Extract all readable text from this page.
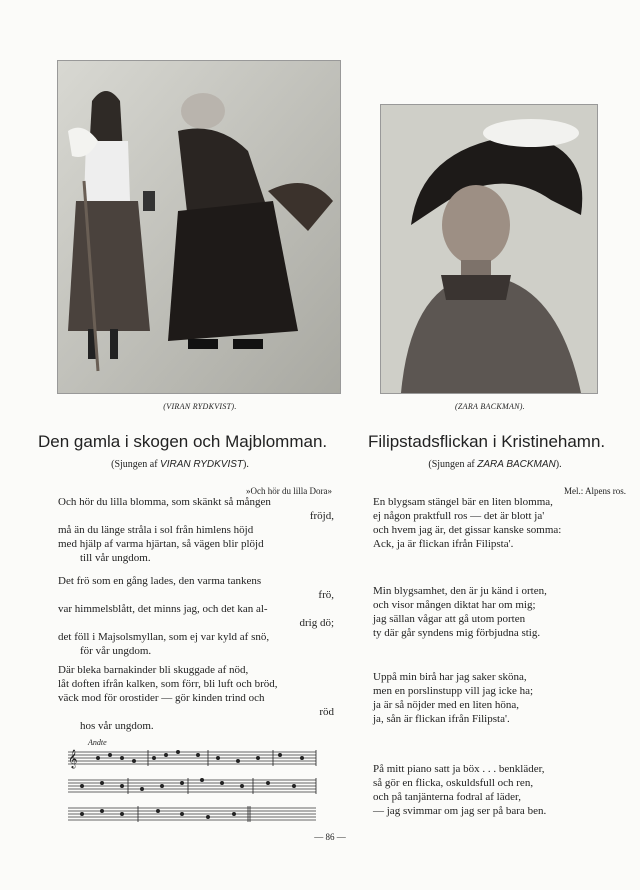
(VIRAN RYDKVIST).	(ZARA BACKMAN).
Den gamla i skogen och Majblomman.
(Sjungen af VIRAN RYDKVIST).
»Och hör du lilla Dora»
Och hör du lilla blomma, som skänkt så mången
fröjd,
må än du länge stråla i sol från himlens höjd
med hjälp af varma hjärtan, så vägen blir plöjd
till vår ungdom.
Det frö som en gång lades, den varma tankens
frö,
var himmelsblått, det minns jag, och det kan al-
drig dö;
det föll i Majsolsmyllan, som ej var kyld af snö,
för vår ungdom.
Där bleka barnakinder bli skuggade af nöd,
låt doften ifrån kalken, som förr, bli luft och bröd,
väck mod för orostider — gör kinden trind och
röd
hos vår ungdom.
Andte
𝄞
Filipstadsflickan i Kristinehamn.
(Sjungen af ZARA BACKMAN).
Mel.: Alpens ros.
En blygsam stängel bär en liten blomma,
ej någon praktfull ros — det är blott ja'
och hvem jag är, det gissar kanske somma:
Ack, ja är flickan ifrån Filipsta'.
Min blygsamhet, den är ju känd i orten,
och visor mången diktat har om mig;
jag sällan vågar att gå utom porten
ty där går syndens mig förbjudna stig.
Uppå min birå har jag saker sköna,
men en porslinstupp vill jag icke ha;
ja är så nöjder med en liten höna,
ja, sån är flickan ifrån Filipsta'.
På mitt piano satt ja böx . . . benkläder,
så gör en flicka, oskuldsfull och ren,
och på tanjänterna fodral af läder,
— jag svimmar om jag ser på bara ben.
— 86 —
